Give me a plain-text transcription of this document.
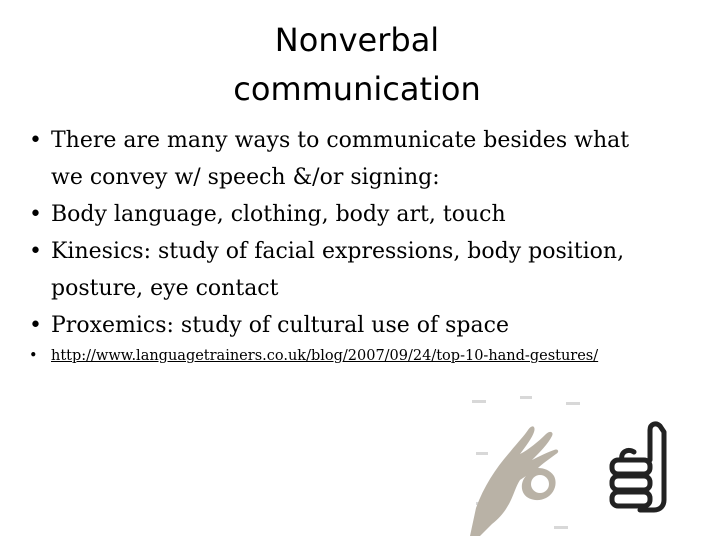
Nonverbal
communication
• There are many ways to communicate besides what
we convey w/ speech &/or signing:
• Body language, clothing, body art, touch
• Kinesics: study of facial expressions, body position,
posture, eye contact
• Proxemics: study of cultural use of space
• http://www.languagetrainers.co.uk/blog/2007/09/24/top-10-hand-gestures/
